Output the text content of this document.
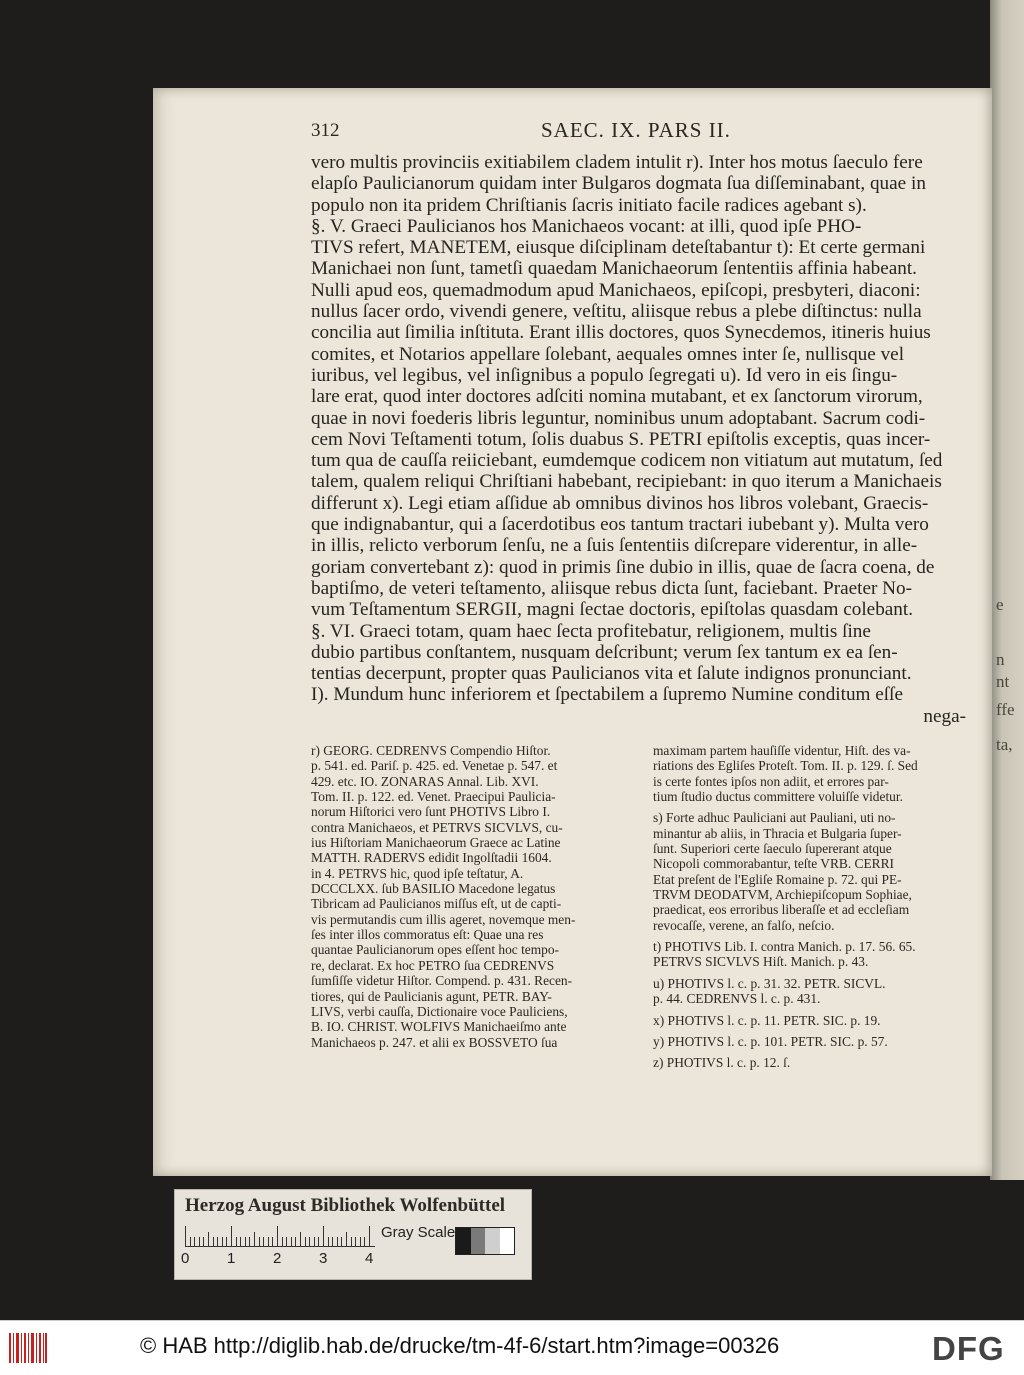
e
n
nt
ffe
ta,
312	SAEC. IX. PARS II.
vero multis provinciis exitiabilem cladem intulit r). Inter hos motus ſaeculo fere
elapſo Paulicianorum quidam inter Bulgaros dogmata ſua diſſeminabant, quae in
populo non ita pridem Chriſtianis ſacris initiato facile radices agebant s).
§. V. Graeci Paulicianos hos Manichaeos vocant: at illi, quod ipſe PHO-
TIVS refert, MANETEM, eiusque diſciplinam deteſtabantur t): Et certe germani
Manichaei non ſunt, tametſi quaedam Manichaeorum ſententiis affinia habeant.
Nulli apud eos, quemadmodum apud Manichaeos, epiſcopi, presbyteri, diaconi:
nullus ſacer ordo, vivendi genere, veſtitu, aliisque rebus a plebe diſtinctus: nulla
concilia aut ſimilia inſtituta. Erant illis doctores, quos Synecdemos, itineris huius
comites, et Notarios appellare ſolebant, aequales omnes inter ſe, nullisque vel
iuribus, vel legibus, vel inſignibus a populo ſegregati u). Id vero in eis ſingu-
lare erat, quod inter doctores adſciti nomina mutabant, et ex ſanctorum virorum,
quae in novi foederis libris leguntur, nominibus unum adoptabant. Sacrum codi-
cem Novi Teſtamenti totum, ſolis duabus S. PETRI epiſtolis exceptis, quas incer-
tum qua de cauſſa reiiciebant, eumdemque codicem non vitiatum aut mutatum, ſed
talem, qualem reliqui Chriſtiani habebant, recipiebant: in quo iterum a Manichaeis
differunt x). Legi etiam aſſidue ab omnibus divinos hos libros volebant, Graecis-
que indignabantur, qui a ſacerdotibus eos tantum tractari iubebant y). Multa vero
in illis, relicto verborum ſenſu, ne a ſuis ſententiis diſcrepare viderentur, in alle-
goriam convertebant z): quod in primis ſine dubio in illis, quae de ſacra coena, de
baptiſmo, de veteri teſtamento, aliisque rebus dicta ſunt, faciebant. Praeter No-
vum Teſtamentum SERGII, magni ſectae doctoris, epiſtolas quasdam colebant.
§. VI. Graeci totam, quam haec ſecta profitebatur, religionem, multis ſine
dubio partibus conſtantem, nusquam deſcribunt; verum ſex tantum ex ea ſen-
tentias decerpunt, propter quas Paulicianos vita et ſalute indignos pronunciant.
I). Mundum hunc inferiorem et ſpectabilem a ſupremo Numine conditum eſſe
nega-
r) GEORG. CEDRENVS Compendio Hiſtor.
p. 541. ed. Pariſ. p. 425. ed. Venetae p. 547. et
429. etc. IO. ZONARAS Annal. Lib. XVI.
Tom. II. p. 122. ed. Venet. Praecipui Paulicia-
norum Hiſtorici vero ſunt PHOTIVS Libro I.
contra Manichaeos, et PETRVS SICVLVS, cu-
ius Hiſtoriam Manichaeorum Graece ac Latine
MATTH. RADERVS edidit Ingolſtadii 1604.
in 4. PETRVS hic, quod ipſe teſtatur, A.
DCCCLXX. ſub BASILIO Macedone legatus
Tibricam ad Paulicianos miſſus eſt, ut de capti-
vis permutandis cum illis ageret, novemque men-
ſes inter illos commoratus eſt: Quae una res
quantae Paulicianorum opes eſſent hoc tempo-
re, declarat. Ex hoc PETRO ſua CEDRENVS
ſumſiſſe videtur Hiſtor. Compend. p. 431. Recen-
tiores, qui de Paulicianis agunt, PETR. BAY-
LIVS, verbi cauſſa, Dictionaire voce Pauliciens,
B. IO. CHRIST. WOLFIVS Manichaeiſmo ante
Manichaeos p. 247. et alii ex BOSSVETO ſua
maximam partem hauſiſſe videntur, Hiſt. des va-
riations des Egliſes Proteſt. Tom. II. p. 129. ſ. Sed
is certe fontes ipſos non adiit, et errores par-
tium ſtudio ductus committere voluiſſe videtur.
s) Forte adhuc Pauliciani aut Pauliani, uti no-
minantur ab aliis, in Thracia et Bulgaria ſuper-
ſunt. Superiori certe ſaeculo ſupererant atque
Nicopoli commorabantur, teſte VRB. CERRI
Etat preſent de l'Egliſe Romaine p. 72. qui PE-
TRVM DEODATVM, Archiepiſcopum Sophiae,
praedicat, eos erroribus liberaſſe et ad eccleſiam
revocaſſe, verene, an falſo, neſcio.
t) PHOTIVS Lib. I. contra Manich. p. 17. 56. 65.
PETRVS SICVLVS Hiſt. Manich. p. 43.
u) PHOTIVS l. c. p. 31. 32. PETR. SICVL.
p. 44. CEDRENVS l. c. p. 431.
x) PHOTIVS l. c. p. 11. PETR. SIC. p. 19.
y) PHOTIVS l. c. p. 101. PETR. SIC. p. 57.
z) PHOTIVS l. c. p. 12. ſ.
Herzog August Bibliothek Wolfenbüttel
0	1	2	3	4
Gray Scale
© HAB http://diglib.hab.de/drucke/tm-4f-6/start.htm?image=00326	DFG
